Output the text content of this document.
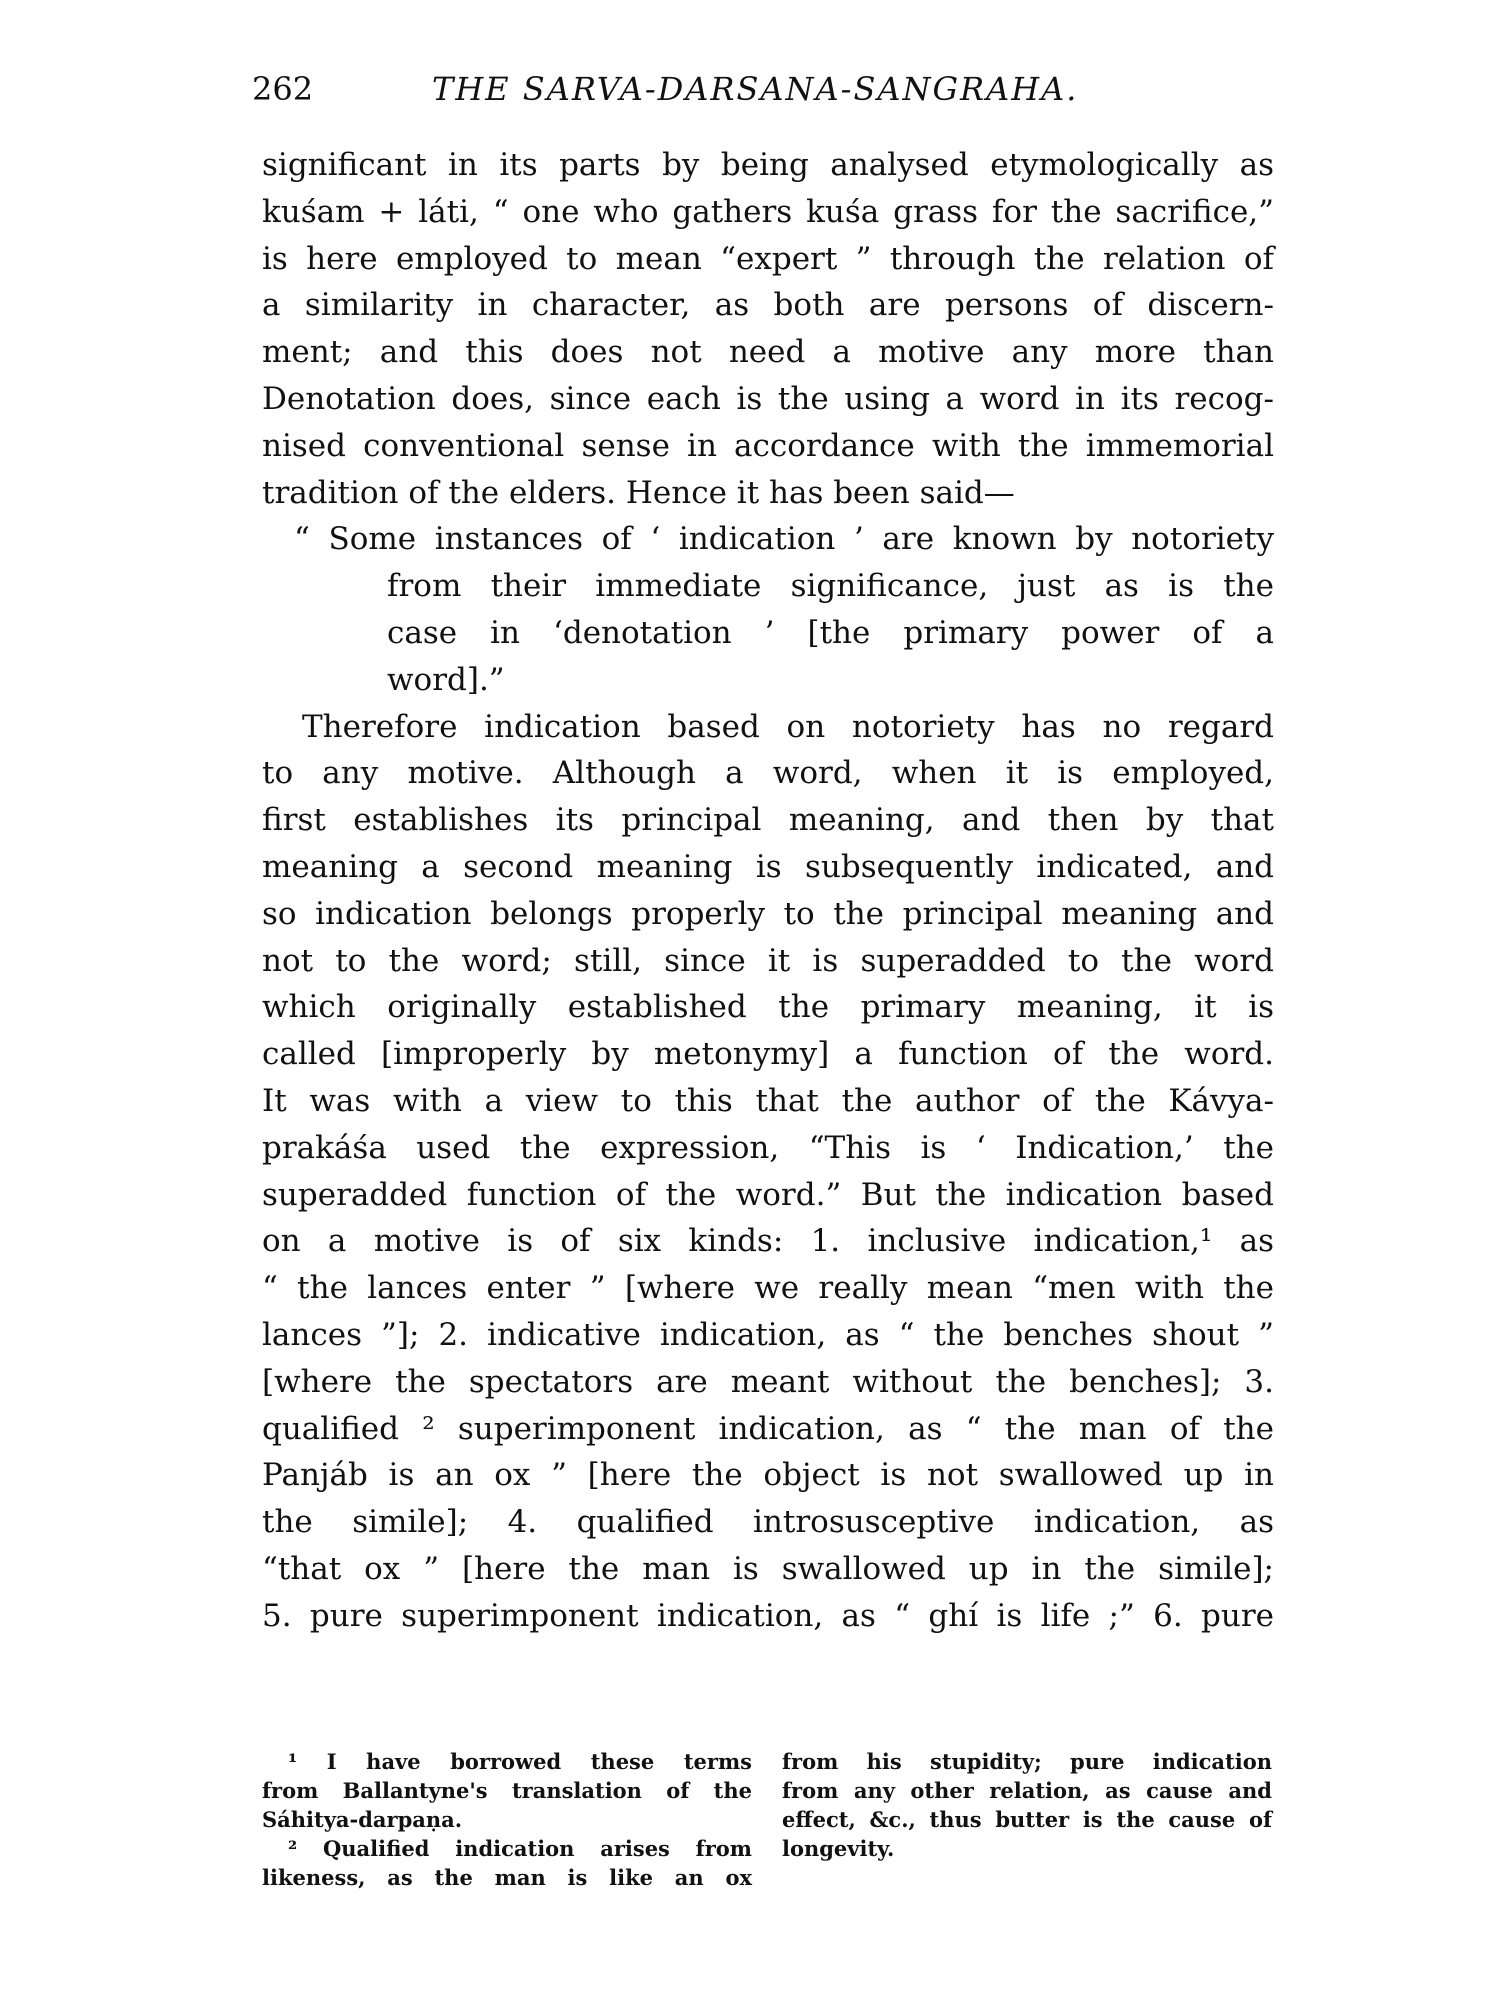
262	THE SARVA-DARSANA-SANGRAHA.
significant in its parts by being analysed etymologically as
kuśam + láti, “ one who gathers kuśa grass for the sacrifice,”
is here employed to mean “expert ” through the relation of
a similarity in character, as both are persons of discern-
ment; and this does not need a motive any more than
Denotation does, since each is the using a word in its recog-
nised conventional sense in accordance with the immemorial
tradition of the elders. Hence it has been said—
“ Some instances of ‘ indication ’ are known by notoriety
from their immediate significance, just as is the
case in ‘denotation ’ [the primary power of a
word].”
Therefore indication based on notoriety has no regard
to any motive. Although a word, when it is employed,
first establishes its principal meaning, and then by that
meaning a second meaning is subsequently indicated, and
so indication belongs properly to the principal meaning and
not to the word; still, since it is superadded to the word
which originally established the primary meaning, it is
called [improperly by metonymy] a function of the word.
It was with a view to this that the author of the Kávya-
prakáśa used the expression, “This is ‘ Indication,’ the
superadded function of the word.” But the indication based
on a motive is of six kinds: 1. inclusive indication,¹ as
“ the lances enter ” [where we really mean “men with the
lances ”]; 2. indicative indication, as “ the benches shout ”
[where the spectators are meant without the benches]; 3.
qualified ² superimponent indication, as “ the man of the
Panjáb is an ox ” [here the object is not swallowed up in
the simile]; 4. qualified introsusceptive indication, as
“that ox ” [here the man is swallowed up in the simile];
5. pure superimponent indication, as “ ghí is life ;” 6. pure
¹ I have borrowed these terms
from Ballantyne's translation of the
Sáhitya-darpaṇa.
² Qualified indication arises from
likeness, as the man is like an ox
from his stupidity; pure indication
from any other relation, as cause and
effect, &c., thus butter is the cause of
longevity.
